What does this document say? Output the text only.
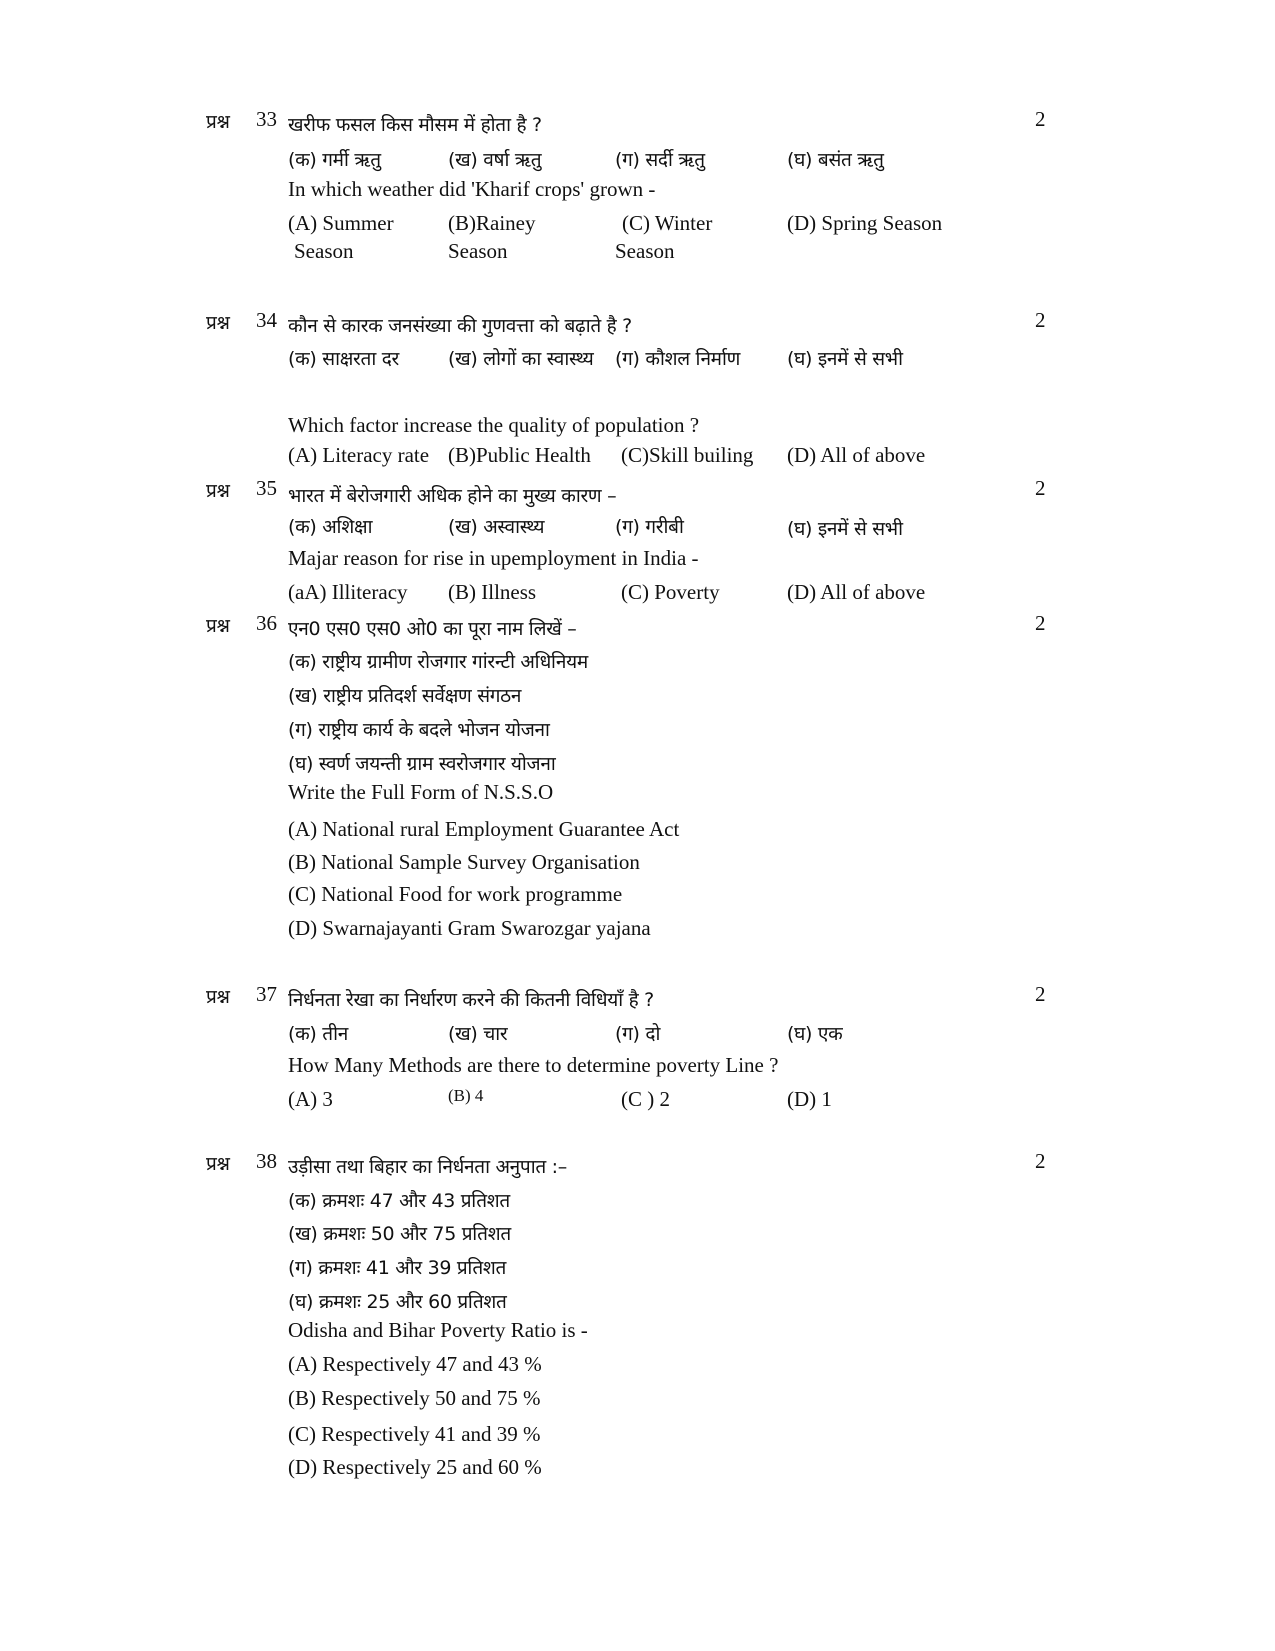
प्रश्न 33 खरीफ फसल किस मौसम में होता है ?	2
(क) गर्मी ऋतु	(ख) वर्षा ऋतु	(ग) सर्दी ऋतु	(घ) बसंत ऋतु
In which weather did 'Kharif crops' grown -
(A) Summer
Season
(B)Rainey
Season
(C) Winter
Season
(D) Spring Season
प्रश्न 34 कौन से कारक जनसंख्या की गुणवत्ता को बढ़ाते है ?	2
(क) साक्षरता दर	(ख) लोगों का स्वास्थ्य (ग) कौशल निर्माण (घ) इनमें से सभी
Which factor increase the quality of population ?
(A) Literacy rate (B)Public Health (C)Skill builing (D) All of above
प्रश्न 35 भारत में बेरोजगारी अधिक होने का मुख्य कारण –	2
(क) अशिक्षा	(ख) अस्वास्थ्य	(ग) गरीबी	(घ) इनमें से सभी
Majar reason for rise in upemployment in India -
(aA) Illiteracy (B) Illness	(C) Poverty	(D) All of above
प्रश्न 36 एन0 एस0 एस0 ओ0 का पूरा नाम लिखें –	2
(क) राष्ट्रीय ग्रामीण रोजगार गांरन्टी अधिनियम
(ख) राष्ट्रीय प्रतिदर्श सर्वेक्षण संगठन
(ग) राष्ट्रीय कार्य के बदले भोजन योजना
(घ) स्वर्ण जयन्ती ग्राम स्वरोजगार योजना
Write the Full Form of N.S.S.O
(A) National rural Employment Guarantee Act
(B) National Sample Survey Organisation
(C) National Food for work programme
(D) Swarnajayanti Gram Swarozgar yajana
प्रश्न 37 निर्धनता रेखा का निर्धारण करने की कितनी विधियाँ है ?	2
(क) तीन	(ख) चार	(ग) दो	(घ) एक
How Many Methods are there to determine poverty Line ?
(A) 3	(B) 4	(C ) 2	(D) 1
प्रश्न 38 उड़ीसा तथा बिहार का निर्धनता अनुपात :–	2
(क) क्रमशः 47 और 43 प्रतिशत
(ख) क्रमशः 50 और 75 प्रतिशत
(ग) क्रमशः 41 और 39 प्रतिशत
(घ) क्रमशः 25 और 60 प्रतिशत
Odisha and Bihar Poverty Ratio is -
(A) Respectively 47 and 43 %
(B) Respectively 50 and 75 %
(C) Respectively 41 and 39 %
(D) Respectively 25 and 60 %
